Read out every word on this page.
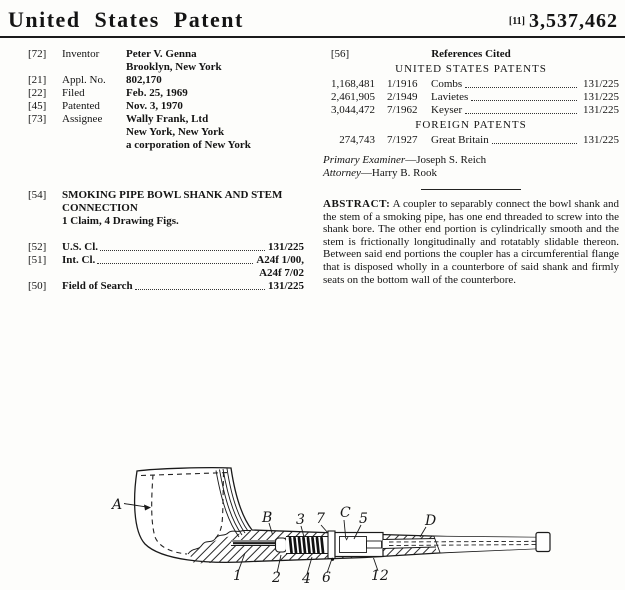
United States Patent	[11] 3,537,462
[72]	Inventor	Peter V. Genna
Brooklyn, New York
[21]	Appl. No.	802,170
[22]	Filed	Feb. 25, 1969
[45]	Patented	Nov. 3, 1970
[73]	Assignee	Wally Frank, Ltd
New York, New York
a corporation of New York
[54]	SMOKING PIPE BOWL SHANK AND STEM CONNECTION
1 Claim, 4 Drawing Figs.
[52]	U.S. Cl.	131/225
[51]	Int. Cl.	A24f 1/00,
A24f 7/02
[50]	Field of Search	131/225
[56]	References Cited
UNITED STATES PATENTS
1,168,481	1/1916	Combs	131/225
2,461,905	2/1949	Lavietes	131/225
3,044,472	7/1962	Keyser	131/225
FOREIGN PATENTS
274,743	7/1927	Great Britain	131/225
Primary Examiner—Joseph S. Reich
Attorney—Harry B. Rook
ABSTRACT: A coupler to separably connect the bowl shank and the stem of a smoking pipe, has one end threaded to screw into the shank bore. The other end portion is cylindrically smooth and the stem is frictionally longitudinally and rotatably slidable thereon. Between said end portions the coupler has a circumferential flange that is disposed wholly in a counterbore of said shank and firmly seats on the bottom wall of the counterbore.
A
B 3 7 C 5	D
1 2 4 6	12
